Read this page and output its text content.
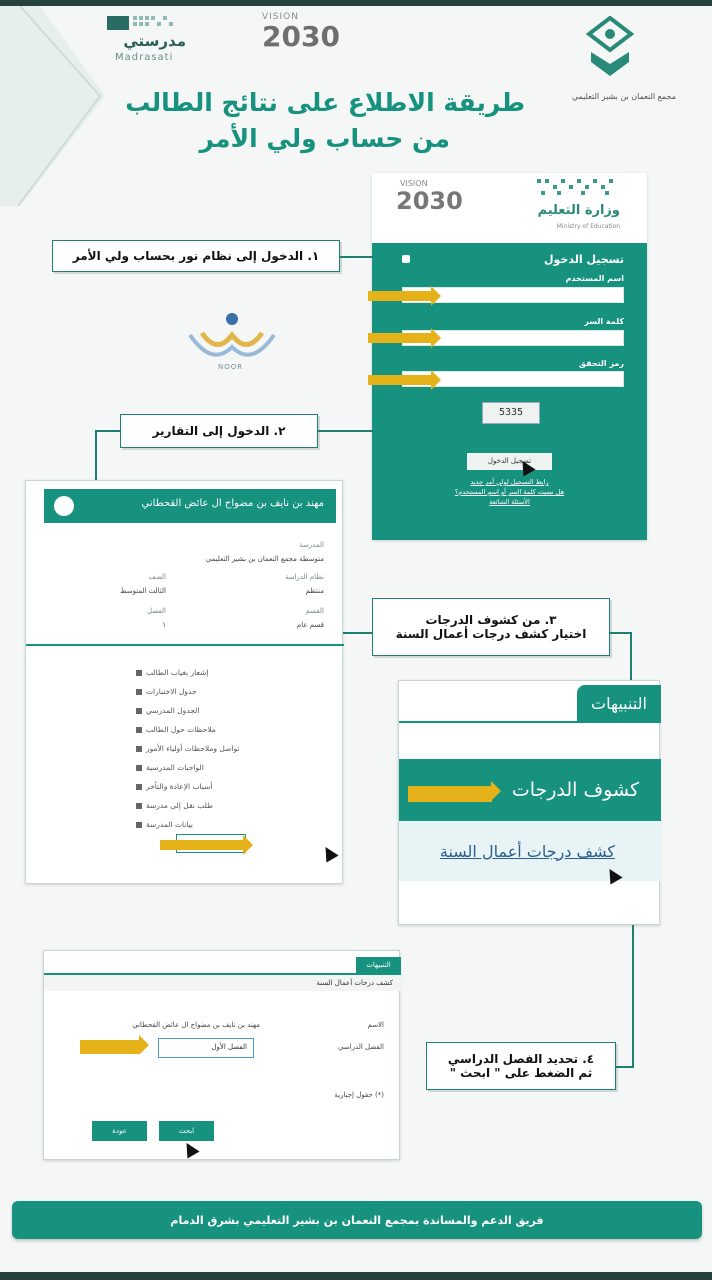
مدرستي
Madrasati
VISION
2030
مجمع النعمان بن بشير التعليمي
طريقة الاطلاع على نتائج الطالب
من حساب ولي الأمر
VISION
2030	وزارة التعليم
Ministry of Education
تسجيل الدخول
اسم المستخدم
كلمة السر
رمز التحقق
5335
تسجيل الدخول
رابط التسجيل لولي أمر جديد
هل نسيت كلمة السر أو اسم المستخدم؟
الأسئلة الشائعة
١. الدخول إلى نظام نور بحساب ولي الأمر
NOOR
٢. الدخول إلى التقارير
مهند بن نايف بن مضواح ال عائض القحطاني
المدرسة
متوسطة مجمع النعمان بن بشير التعليمي
نظام الدراسة
منتظم
الصف
الثالث المتوسط
القسم
قسم عام
الفصل
١
إشعار بغياب الطالب
جدول الاختبارات
الجدول المدرسي
ملاحظات حول الطالب
تواصل وملاحظات أولياء الأمور
الواجبات المدرسية
أسباب الإعادة والتأخر
طلب نقل إلى مدرسة
بيانات المدرسة
٣. من كشوف الدرجات
اختيار كشف درجات أعمال السنة
التنبيهات
كشوف الدرجات
كشف درجات أعمال السنة
٤. تحديد الفصل الدراسي
ثم الضغط على " ابحث "
التنبيهات
كشف درجات أعمال السنة
الاسم
مهند بن نايف بن مضواح ال عائض القحطاني
الفصل الدراسي
الفصل الأول
(*) حقول إجبارية
ابحث
عودة
فريق الدعم والمساندة بمجمع النعمان بن بشير التعليمي بشرق الدمام
